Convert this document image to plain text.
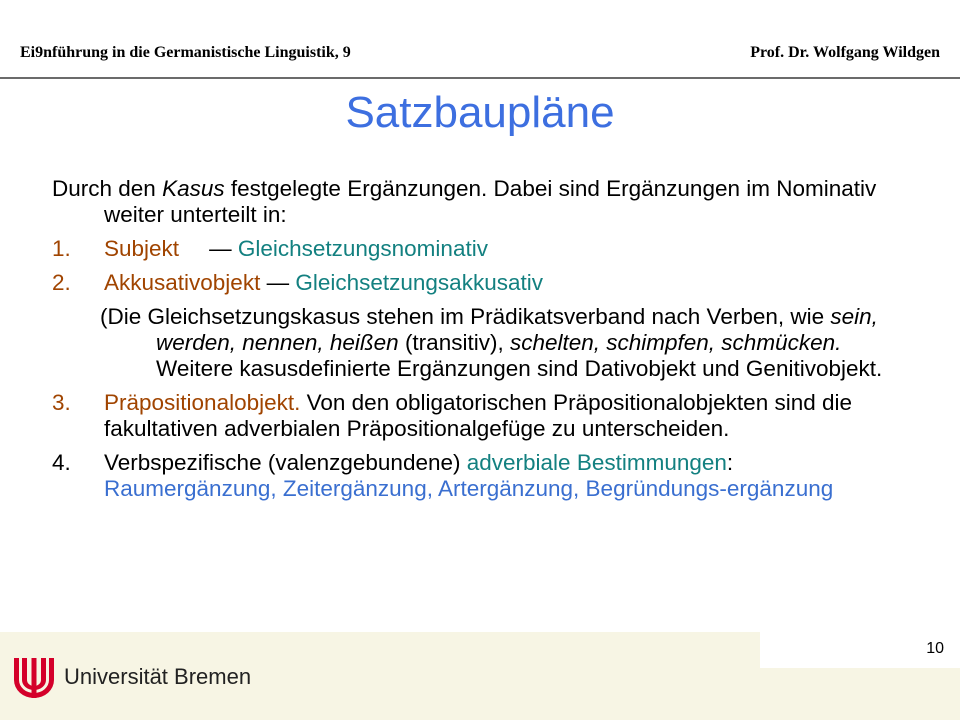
Ei9nführung in die Germanistische Linguistik, 9	Prof. Dr. Wolfgang Wildgen
Satzbaupläne

Durch den Kasus festgelegte Ergänzungen. Dabei sind Ergänzungen im Nominativ weiter unterteilt in:

1. Subjekt — Gleichsetzungsnominativ
2. Akkusativobjekt — Gleichsetzungsakkusativ

(Die Gleichsetzungskasus stehen im Prädikatsverband nach Verben, wie sein, werden, nennen, heißen (transitiv), schelten, schimpfen, schmücken. Weitere kasusdefinierte Ergänzungen sind Dativobjekt und Genitivobjekt.

3. Präpositionalobjekt. Von den obligatorischen Präpositionalobjekten sind die fakultativen adverbialen Präpositionalgefüge zu unterscheiden.
4. Verbspezifische (valenzgebundene) adverbiale Bestimmungen: Raumergänzung, Zeitergänzung, Artergänzung, Begründungs-ergänzung
10
Universität Bremen
